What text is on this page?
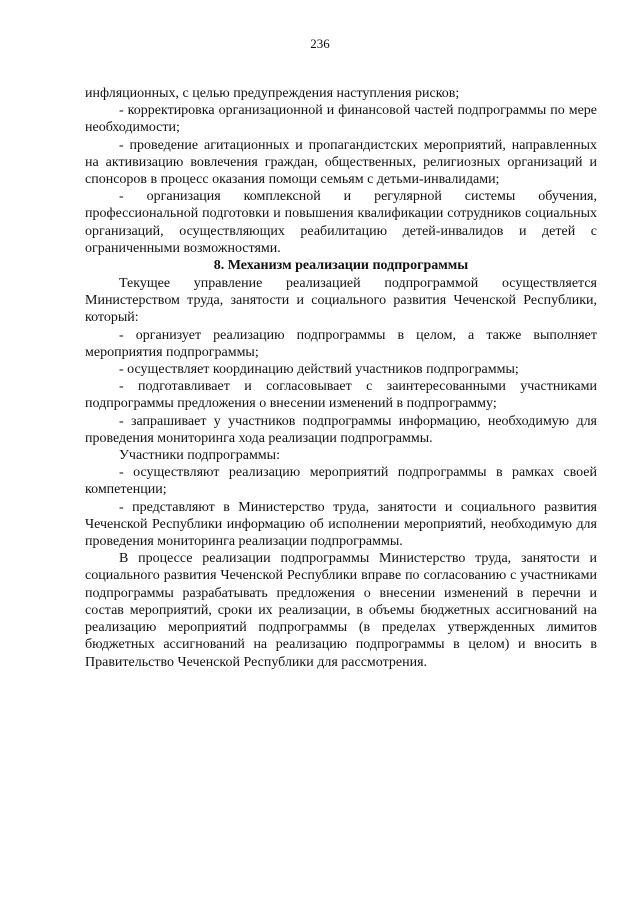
236

инфляционных, с целью предупреждения наступления рисков;

- корректировка организационной и финансовой частей подпрограммы по мере необходимости;

- проведение агитационных и пропагандистских мероприятий, направленных на активизацию вовлечения граждан, общественных, религиозных организаций и спонсоров в процесс оказания помощи семьям с детьми-инвалидами;

- организация комплексной и регулярной системы обучения, профессиональной подготовки и повышения квалификации сотрудников социальных организаций, осуществляющих реабилитацию детей-инвалидов и детей с ограниченными возможностями.

8. Механизм реализации подпрограммы

Текущее управление реализацией подпрограммой осуществляется Министерством труда, занятости и социального развития Чеченской Республики, который:

- организует реализацию подпрограммы в целом, а также выполняет мероприятия подпрограммы;

- осуществляет координацию действий участников подпрограммы;

- подготавливает и согласовывает с заинтересованными участниками подпрограммы предложения о внесении изменений в подпрограмму;

- запрашивает у участников подпрограммы информацию, необходимую для проведения мониторинга хода реализации подпрограммы.

Участники подпрограммы:

- осуществляют реализацию мероприятий подпрограммы в рамках своей компетенции;

- представляют в Министерство труда, занятости и социального развития Чеченской Республики информацию об исполнении мероприятий, необходимую для проведения мониторинга реализации подпрограммы.

В процессе реализации подпрограммы Министерство труда, занятости и социального развития Чеченской Республики вправе по согласованию с участниками подпрограммы разрабатывать предложения о внесении изменений в перечни и состав мероприятий, сроки их реализации, в объемы бюджетных ассигнований на реализацию мероприятий подпрограммы (в пределах утвержденных лимитов бюджетных ассигнований на реализацию подпрограммы в целом) и вносить в Правительство Чеченской Республики для рассмотрения.
